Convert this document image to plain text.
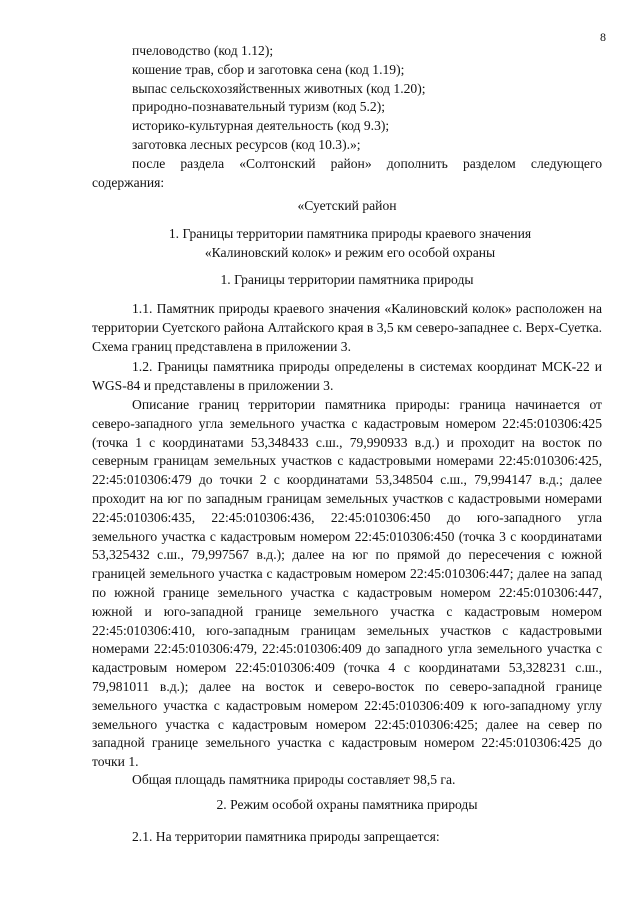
8
пчеловодство (код 1.12);
кошение трав, сбор и заготовка сена (код 1.19);
выпас сельскохозяйственных животных (код 1.20);
природно-познавательный туризм (код 5.2);
историко-культурная деятельность (код 9.3);
заготовка лесных ресурсов (код 10.3).»;
после раздела «Солтонский район» дополнить разделом следующего содержания:
«Суетский район
1. Границы территории памятника природы краевого значения «Калиновский колок» и режим его особой охраны
1. Границы территории памятника природы
1.1. Памятник природы краевого значения «Калиновский колок» расположен на территории Суетского района Алтайского края в 3,5 км северо-западнее с. Верх-Суетка. Схема границ представлена в приложении 3.
1.2. Границы памятника природы определены в системах координат МСК-22 и WGS-84 и представлены в приложении 3.
Описание границ территории памятника природы: граница начинается от северо-западного угла земельного участка с кадастровым номером 22:45:010306:425 (точка 1 с координатами 53,348433 с.ш., 79,990933 в.д.) и проходит на восток по северным границам земельных участков с кадастровыми номерами 22:45:010306:425, 22:45:010306:479 до точки 2 с координатами 53,348504 с.ш., 79,994147 в.д.; далее проходит на юг по западным границам земельных участков с кадастровыми номерами 22:45:010306:435, 22:45:010306:436, 22:45:010306:450 до юго-западного угла земельного участка с кадастровым номером 22:45:010306:450 (точка 3 с координатами 53,325432 с.ш., 79,997567 в.д.); далее на юг по прямой до пересечения с южной границей земельного участка с кадастровым номером 22:45:010306:447; далее на запад по южной границе земельного участка с кадастровым номером 22:45:010306:447, южной и юго-западной границе земельного участка с кадастровым номером 22:45:010306:410, юго-западным границам земельных участков с кадастровыми номерами 22:45:010306:479, 22:45:010306:409 до западного угла земельного участка с кадастровым номером 22:45:010306:409 (точка 4 с координатами 53,328231 с.ш., 79,981011 в.д.); далее на восток и северо-восток по северо-западной границе земельного участка с кадастровым номером 22:45:010306:409 к юго-западному углу земельного участка с кадастровым номером 22:45:010306:425; далее на север по западной границе земельного участка с кадастровым номером 22:45:010306:425 до точки 1.
Общая площадь памятника природы составляет 98,5 га.
2. Режим особой охраны памятника природы
2.1. На территории памятника природы запрещается:
